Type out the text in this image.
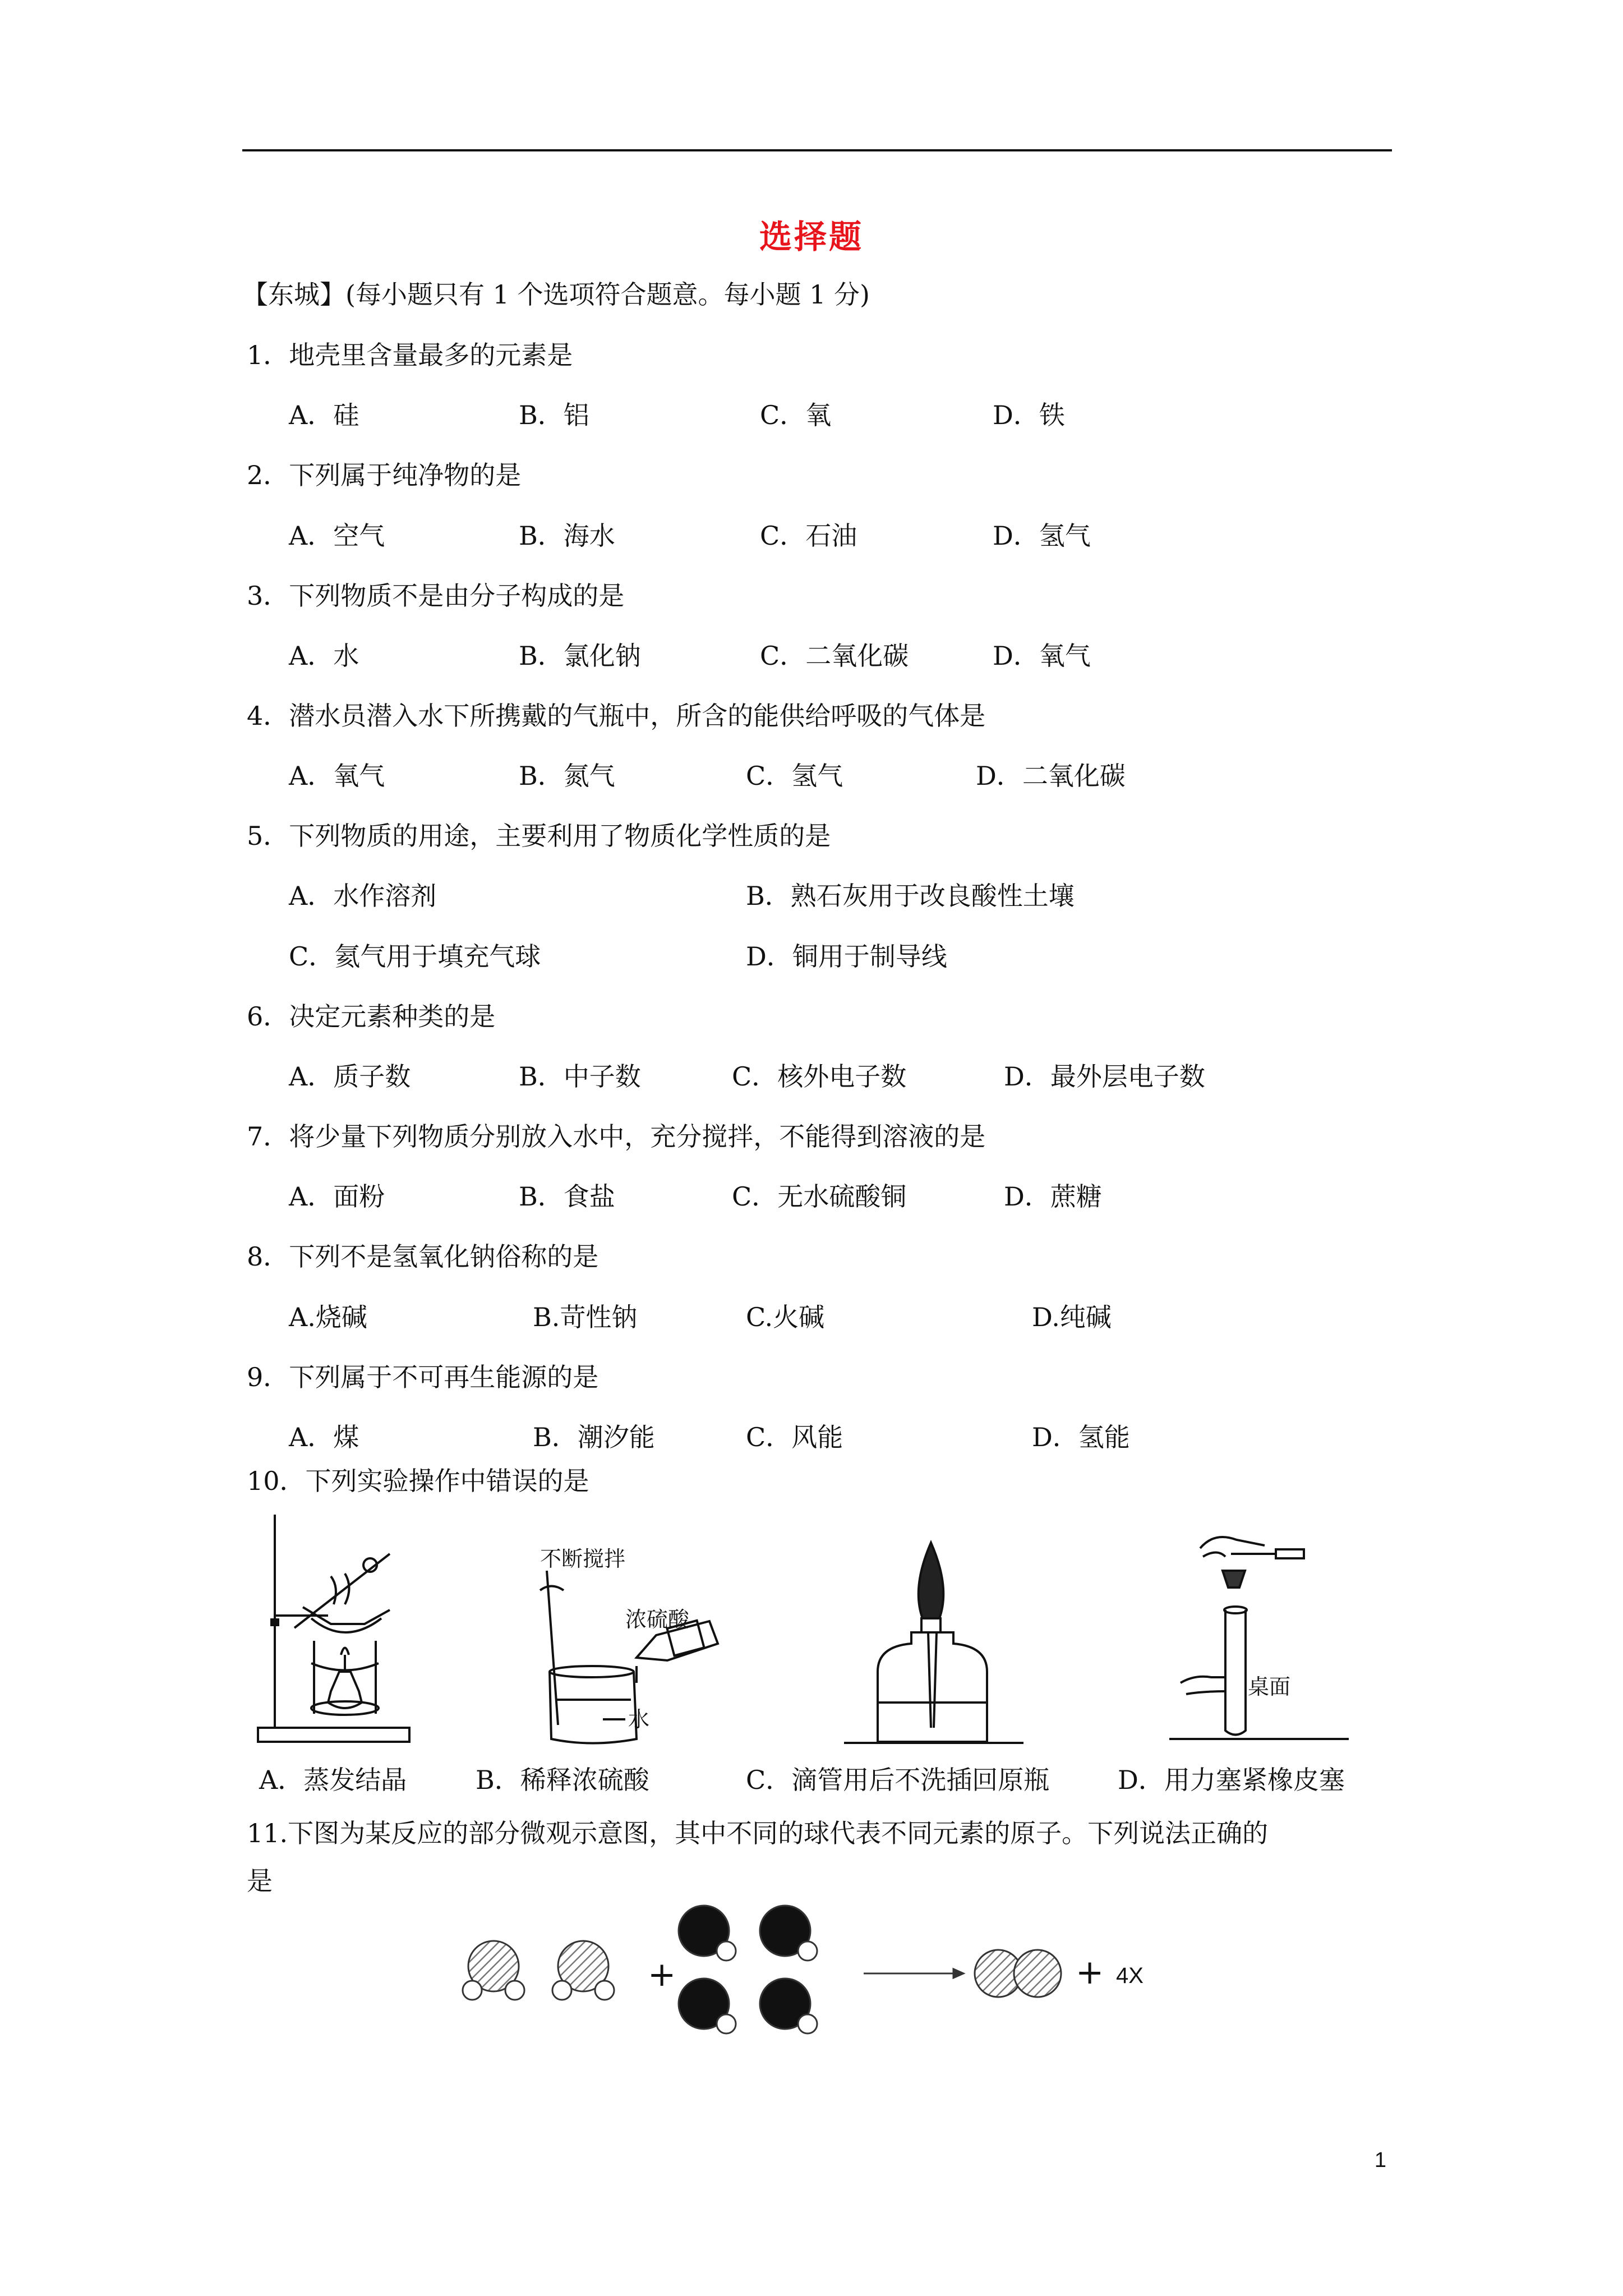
选择题
【东城】(每小题只有 1 个选项符合题意。每小题 1 分)
1．地壳里含量最多的元素是
A．硅	B．铝	C．氧	D．铁
2．下列属于纯净物的是
A．空气	B．海水	C．石油	D．氢气
3．下列物质不是由分子构成的是
A．水	B．氯化钠	C．二氧化碳	D．氧气
4．潜水员潜入水下所携戴的气瓶中，所含的能供给呼吸的气体是
A．氧气	B．氮气	C．氢气	D．二氧化碳
5．下列物质的用途，主要利用了物质化学性质的是
A．水作溶剂	B．熟石灰用于改良酸性土壤
C．氦气用于填充气球	D．铜用于制导线
6．决定元素种类的是
A．质子数	B．中子数	C．核外电子数	D．最外层电子数
7．将少量下列物质分别放入水中，充分搅拌，不能得到溶液的是
A．面粉	B．食盐	C．无水硫酸铜	D．蔗糖
8．下列不是氢氧化钠俗称的是
A.烧碱	B.苛性钠	C.火碱	D.纯碱
9．下列属于不可再生能源的是
A．煤	B．潮汐能	C．风能	D．氢能
10．下列实验操作中错误的是
不断搅拌
浓硫酸
水
桌面
A．蒸发结晶	B．稀释浓硫酸	C．滴管用后不洗插回原瓶	D．用力塞紧橡皮塞
11.下图为某反应的部分微观示意图，其中不同的球代表不同元素的原子。下列说法正确的
是
+	+ 4X
1
